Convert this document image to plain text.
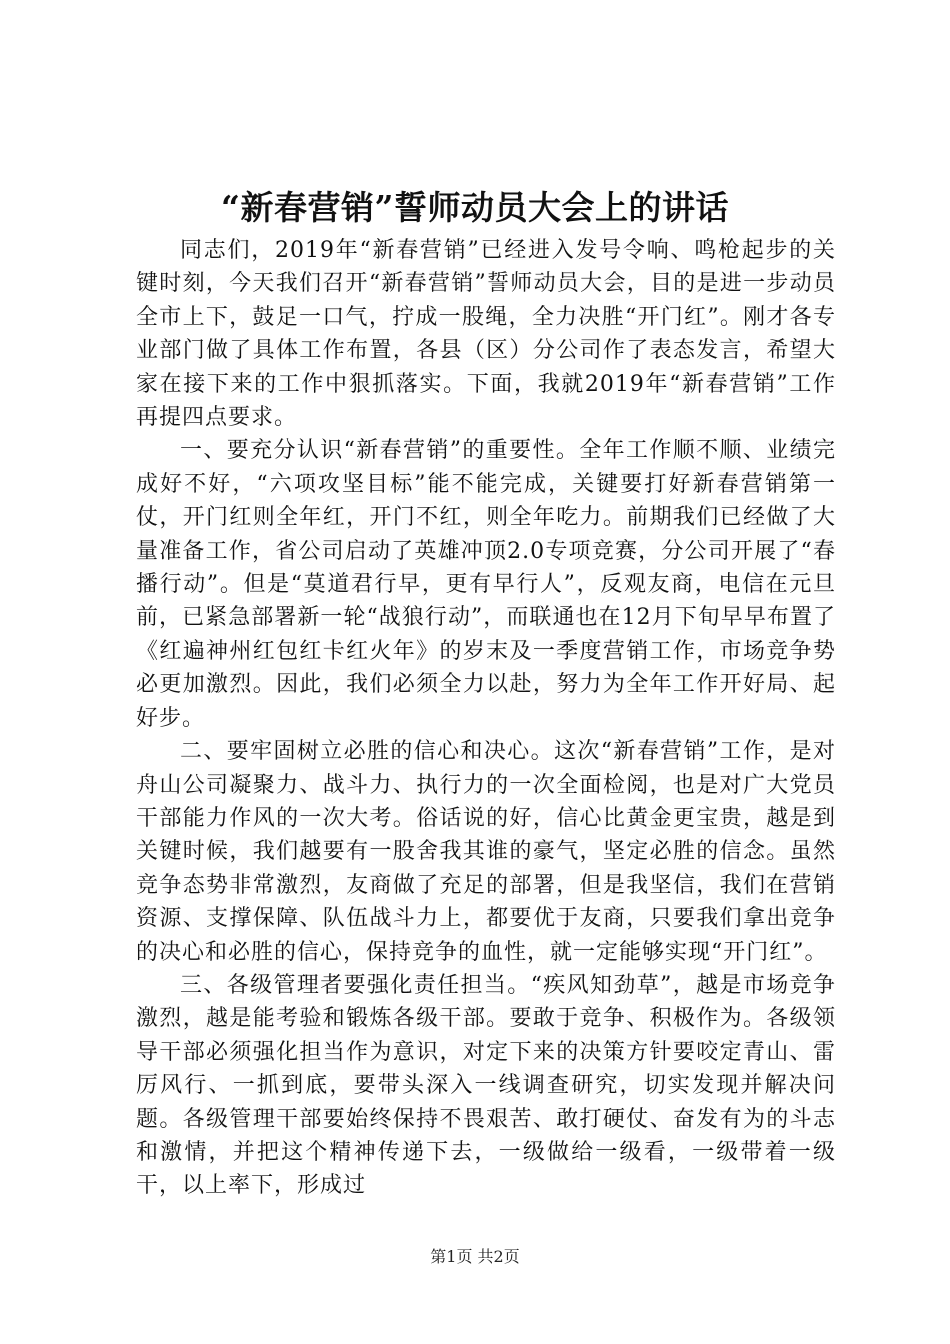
“新春营销”誓师动员大会上的讲话

同志们，2019年“新春营销”已经进入发号令响、鸣枪起步的关键时刻，今天我们召开“新春营销”誓师动员大会，目的是进一步动员全市上下，鼓足一口气，拧成一股绳，全力决胜“开门红”。刚才各专业部门做了具体工作布置，各县（区）分公司作了表态发言，希望大家在接下来的工作中狠抓落实。下面，我就2019年“新春营销”工作再提四点要求。

一、要充分认识“新春营销”的重要性。全年工作顺不顺、业绩完成好不好，“六项攻坚目标”能不能完成，关键要打好新春营销第一仗，开门红则全年红，开门不红，则全年吃力。前期我们已经做了大量准备工作，省公司启动了英雄冲顶2.0专项竞赛，分公司开展了“春播行动”。但是“莫道君行早，更有早行人”，反观友商，电信在元旦前，已紧急部署新一轮“战狼行动”，而联通也在12月下旬早早布置了《红遍神州红包红卡红火年》的岁末及一季度营销工作，市场竞争势必更加激烈。因此，我们必须全力以赴，努力为全年工作开好局、起好步。

二、要牢固树立必胜的信心和决心。这次“新春营销”工作，是对舟山公司凝聚力、战斗力、执行力的一次全面检阅，也是对广大党员干部能力作风的一次大考。俗话说的好，信心比黄金更宝贵，越是到关键时候，我们越要有一股舍我其谁的豪气，坚定必胜的信念。虽然竞争态势非常激烈，友商做了充足的部署，但是我坚信，我们在营销资源、支撑保障、队伍战斗力上，都要优于友商，只要我们拿出竞争的决心和必胜的信心，保持竞争的血性，就一定能够实现“开门红”。

三、各级管理者要强化责任担当。“疾风知劲草”，越是市场竞争激烈，越是能考验和锻炼各级干部。要敢于竞争、积极作为。各级领导干部必须强化担当作为意识，对定下来的决策方针要咬定青山、雷厉风行、一抓到底，要带头深入一线调查研究，切实发现并解决问题。各级管理干部要始终保持不畏艰苦、敢打硬仗、奋发有为的斗志和激情，并把这个精神传递下去，一级做给一级看，一级带着一级干，以上率下，形成过

第1页 共2页
